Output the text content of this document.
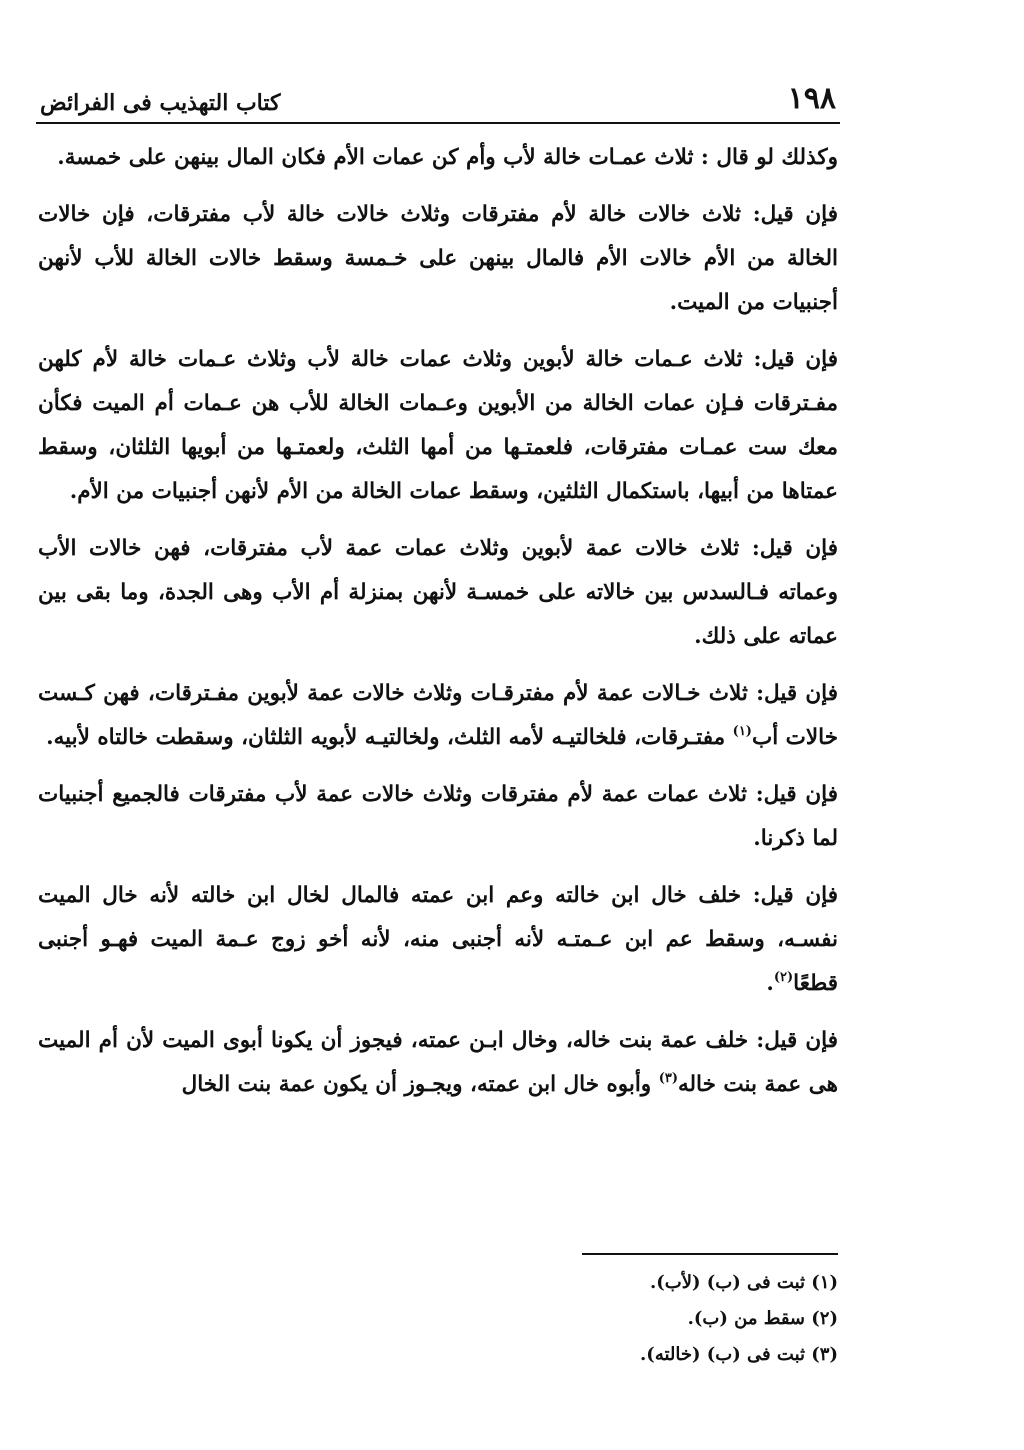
١٩٨
كتاب التهذيب فى الفرائض

وكذلك لو قال : ثلاث عمـات خالة لأب وأم كن عمات الأم فكان المال بينهن على خمسة.

فإن قيل: ثلاث خالات خالة لأم مفترقات وثلاث خالات خالة لأب مفترقات، فإن خالات الخالة من الأم خالات الأم فالمال بينهن على خـمسة وسقط خالات الخالة للأب لأنهن أجنبيات من الميت.

فإن قيل: ثلاث عـمات خالة لأبوين وثلاث عمات خالة لأب وثلاث عـمات خالة لأم كلهن مفـترقات فـإن عمات الخالة من الأبوين وعـمات الخالة للأب هن عـمات أم الميت فكأن معك ست عمـات مفترقات، فلعمتـها من أمها الثلث، ولعمتـها من أبويها الثلثان، وسقط عمتاها من أبيها، باستكمال الثلثين، وسقط عمات الخالة من الأم لأنهن أجنبيات من الأم.

فإن قيل: ثلاث خالات عمة لأبوين وثلاث عمات عمة لأب مفترقات، فهن خالات الأب وعماته فـالسدس بين خالاته على خمسـة لأنهن بمنزلة أم الأب وهى الجدة، وما بقى بين عماته على ذلك.

فإن قيل: ثلاث خـالات عمة لأم مفترقـات وثلاث خالات عمة لأبوين مفـترقات، فهن كـست خالات أب$^{(١)}$ مفتـرقات، فلخالتيـه لأمه الثلث، ولخالتيـه لأبويه الثلثان، وسقطت خالتاه لأبيه.

فإن قيل: ثلاث عمات عمة لأم مفترقات وثلاث خالات عمة لأب مفترقات فالجميع أجنبيات لما ذكرنا.

فإن قيل: خلف خال ابن خالته وعم ابن عمته فالمال لخال ابن خالته لأنه خال الميت نفسـه، وسقط عم ابن عـمتـه لأنه أجنبى منه، لأنه أخو زوج عـمة الميت فهـو أجنبى قطعًا$^{(٢)}$.

فإن قيل: خلف عمة بنت خاله، وخال ابـن عمته، فيجوز أن يكونا أبوى الميت لأن أم الميت هى عمة بنت خاله$^{(٣)}$ وأبوه خال ابن عمته، ويجـوز أن يكون عمة بنت الخال

(١) ثبت فى (ب) (لأب).

(٢) سقط من (ب).

(٣) ثبت فى (ب) (خالته).
